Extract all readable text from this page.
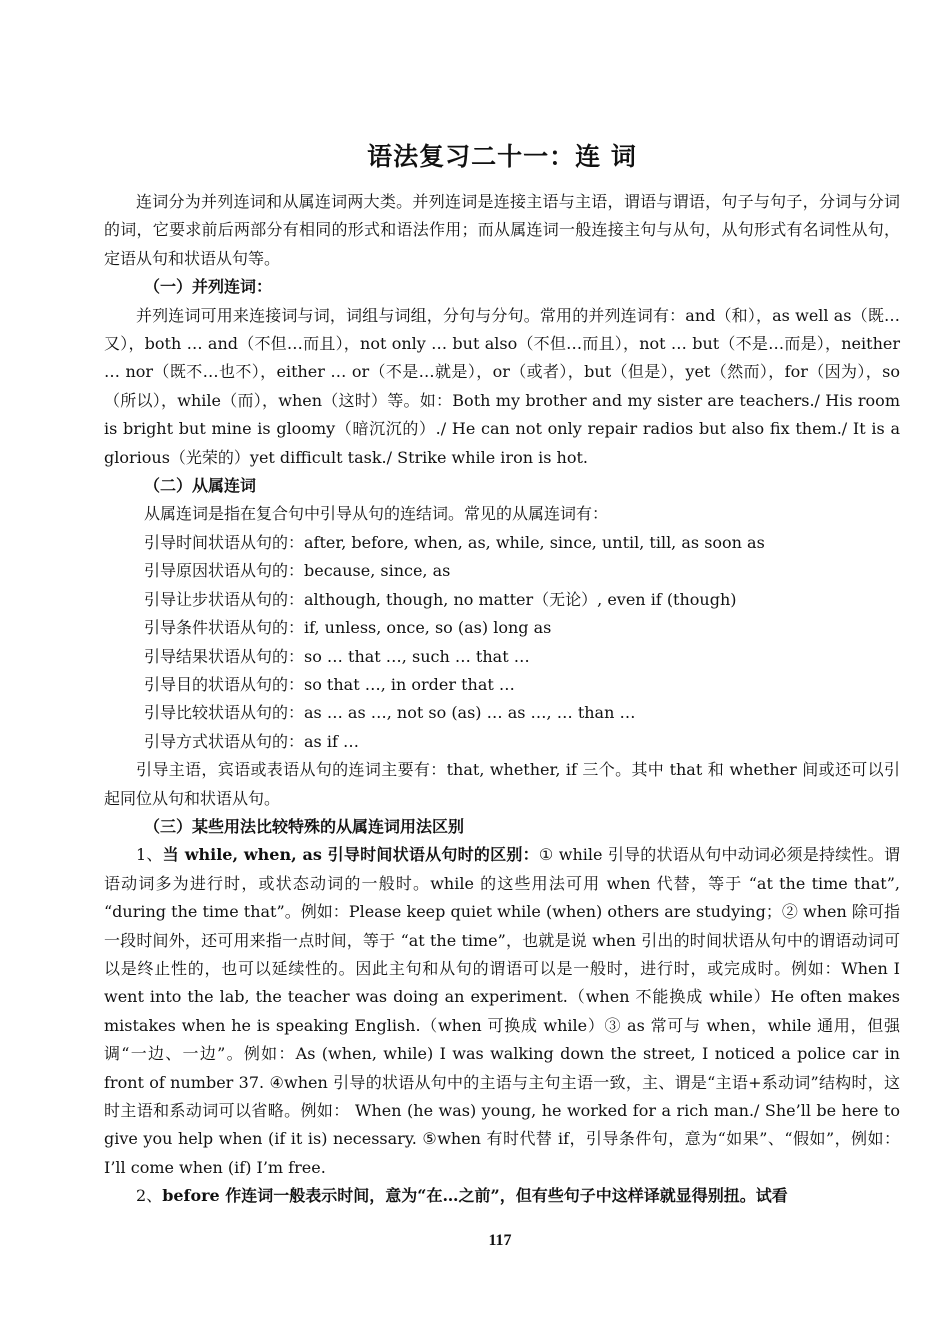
语法复习二十一：连 词

连词分为并列连词和从属连词两大类。并列连词是连接主语与主语，谓语与谓语，句子与句子，分词与分词的词，它要求前后两部分有相同的形式和语法作用；而从属连词一般连接主句与从句，从句形式有名词性从句，定语从句和状语从句等。

（一）并列连词：

并列连词可用来连接词与词，词组与词组，分句与分句。常用的并列连词有：and（和），as well as（既…又），both … and（不但…而且），not only … but also（不但…而且），not … but（不是…而是），neither … nor（既不…也不），either … or（不是…就是），or（或者），but（但是），yet（然而），for（因为），so（所以），while（而），when（这时）等。如：Both my brother and my sister are teachers./ His room is bright but mine is gloomy（暗沉沉的）./ He can not only repair radios but also fix them./ It is a glorious（光荣的）yet difficult task./ Strike while iron is hot.

（二）从属连词

从属连词是指在复合句中引导从句的连结词。常见的从属连词有：

引导时间状语从句的：after, before, when, as, while, since, until, till, as soon as

引导原因状语从句的：because, since, as

引导让步状语从句的：although, though, no matter（无论）, even if (though)

引导条件状语从句的：if, unless, once, so (as) long as

引导结果状语从句的：so … that …, such … that …

引导目的状语从句的：so that …, in order that …

引导比较状语从句的：as … as …, not so (as) … as …, … than …

引导方式状语从句的：as if …

引导主语，宾语或表语从句的连词主要有：that, whether, if 三个。其中 that 和 whether 间或还可以引起同位从句和状语从句。

（三）某些用法比较特殊的从属连词用法区别

1、当 while, when, as 引导时间状语从句时的区别：① while 引导的状语从句中动词必须是持续性。谓语动词多为进行时，或状态动词的一般时。while 的这些用法可用 when 代替，等于 “at the time that”, “during the time that”。例如：Please keep quiet while (when) others are studying；② when 除可指一段时间外，还可用来指一点时间，等于 “at the time”，也就是说 when 引出的时间状语从句中的谓语动词可以是终止性的，也可以延续性的。因此主句和从句的谓语可以是一般时，进行时，或完成时。例如：When I went into the lab, the teacher was doing an experiment.（when 不能换成 while）He often makes mistakes when he is speaking English.（when 可换成 while）③ as 常可与 when，while 通用，但强调“一边、一边”。例如：As (when, while) I was walking down the street, I noticed a police car in front of number 37. ④when 引导的状语从句中的主语与主句主语一致，主、谓是“主语+系动词”结构时，这时主语和系动词可以省略。例如： When (he was) young, he worked for a rich man./ She’ll be here to give you help when (if it is) necessary. ⑤when 有时代替 if，引导条件句，意为“如果”、“假如”，例如：I’ll come when (if) I’m free.

2、before 作连词一般表示时间，意为“在…之前”，但有些句子中这样译就显得别扭。试看

117
